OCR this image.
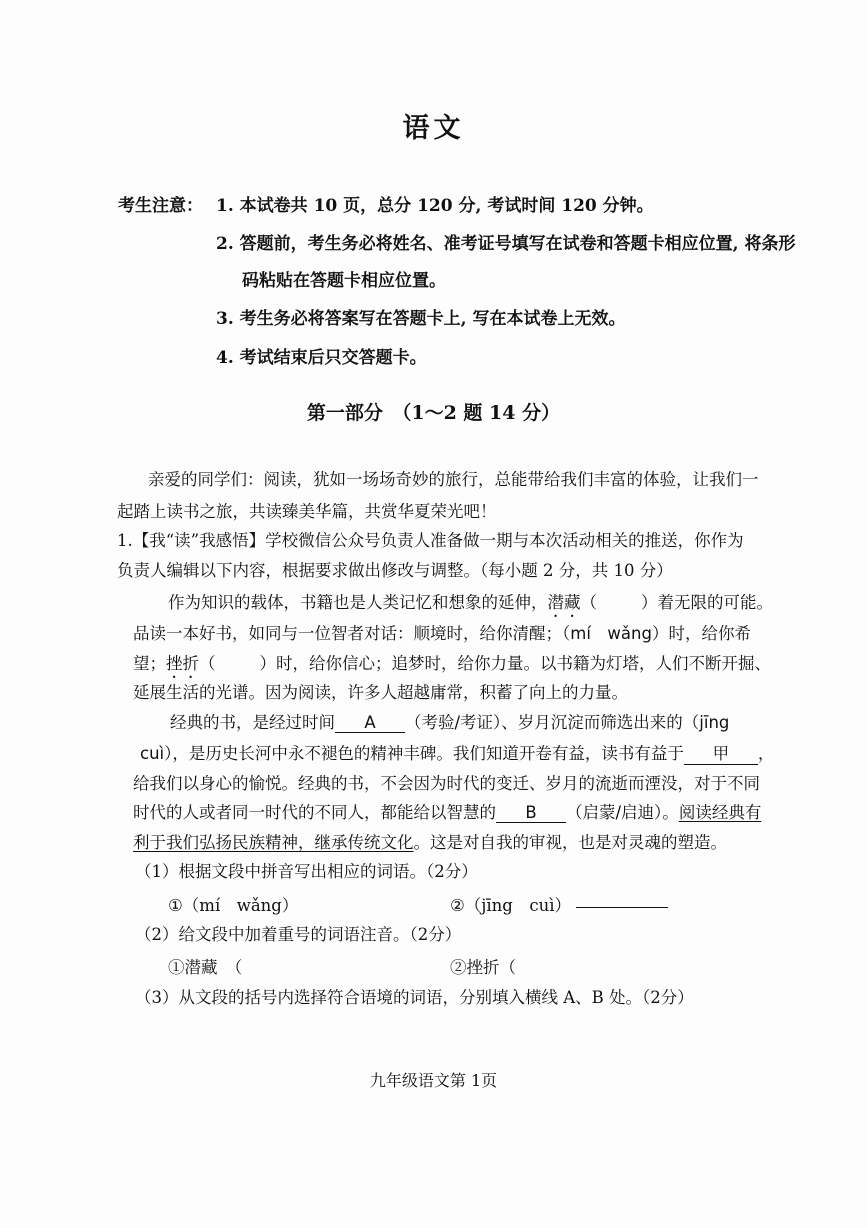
语文
考生注意： 1. 本试卷共 10 页，总分 120 分, 考试时间 120 分钟。
2. 答题前，考生务必将姓名、准考证号填写在试卷和答题卡相应位置, 将条形
码粘贴在答题卡相应位置。
3. 考生务必将答案写在答题卡上, 写在本试卷上无效。
4. 考试结束后只交答题卡。
第一部分　（1～2 题 14 分）
亲爱的同学们：阅读，犹如一场场奇妙的旅行，总能带给我们丰富的体验，让我们一
起踏上读书之旅，共读臻美华篇，共赏华夏荣光吧！
1.【我“读”我感悟】学校微信公众号负责人准备做一期与本次活动相关的推送，你作为
负责人编辑以下内容，根据要求做出修改与调整。（每小题 2 分，共 10 分）
作为知识的载体，书籍也是人类记忆和想象的延伸，潜藏（	）着无限的可能。
品读一本好书，如同与一位智者对话：顺境时，给你清醒；（mí　wǎng）时，给你希
望；挫折（	）时，给你信心；追梦时，给你力量。以书籍为灯塔，人们不断开掘、
延展生活的光谱。因为阅读，许多人超越庸常，积蓄了向上的力量。
经典的书，是经过时间 A （考验/考证）、岁月沉淀而筛选出来的（jīng
cuì），是历史长河中永不褪色的精神丰碑。我们知道开卷有益，读书有益于 甲 ，
给我们以身心的愉悦。经典的书，不会因为时代的变迁、岁月的流逝而湮没，对于不同
时代的人或者同一时代的不同人，都能给以智慧的 B （启蒙/启迪）。阅读经典有
利于我们弘扬民族精神，继承传统文化。这是对自我的审视，也是对灵魂的塑造。
（1）根据文段中拼音写出相应的词语。（2分）
①（mí　wǎng）	②（jīng　cuì）
（2）给文段中加着重号的词语注音。（2分）
①潜藏　（	②挫折（
（3）从文段的括号内选择符合语境的词语，分别填入横线 A、B 处。（2分）
九年级语文第 1页
